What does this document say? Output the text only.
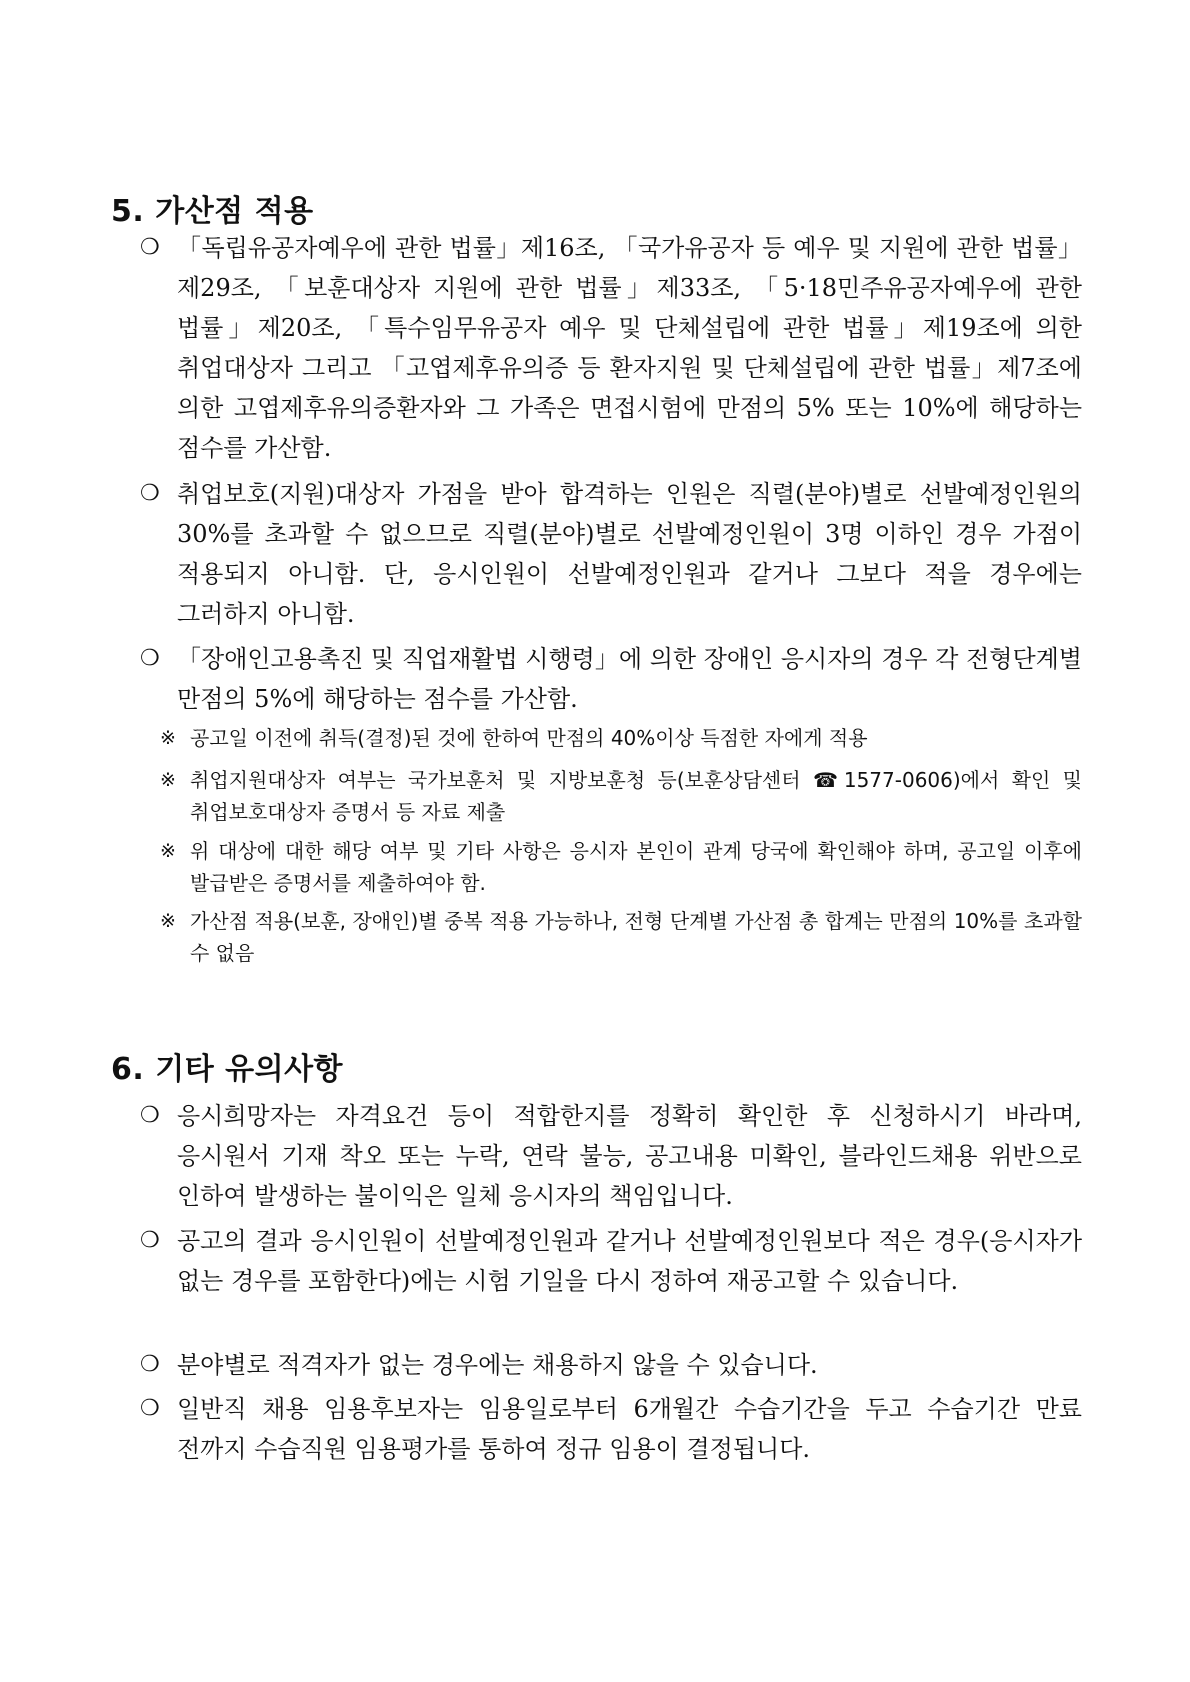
5. 가산점 적용
❍ 「독립유공자예우에 관한 법률」제16조, 「국가유공자 등 예우 및 지원에 관한 법률」제29조, 「보훈대상자 지원에 관한 법률」제33조, 「5·18민주유공자예우에 관한 법률」제20조, 「특수임무유공자 예우 및 단체설립에 관한 법률」제19조에 의한 취업대상자 그리고 「고엽제후유의증 등 환자지원 및 단체설립에 관한 법률」제7조에 의한 고엽제후유의증환자와 그 가족은 면접시험에 만점의 5% 또는 10%에 해당하는 점수를 가산함.

❍ 취업보호(지원)대상자 가점을 받아 합격하는 인원은 직렬(분야)별로 선발예정인원의 30%를 초과할 수 없으므로 직렬(분야)별로 선발예정인원이 3명 이하인 경우 가점이 적용되지 아니함. 단, 응시인원이 선발예정인원과 같거나 그보다 적을 경우에는 그러하지 아니함.

❍ 「장애인고용촉진 및 직업재활법 시행령」에 의한 장애인 응시자의 경우 각 전형단계별 만점의 5%에 해당하는 점수를 가산함.

※ 공고일 이전에 취득(결정)된 것에 한하여 만점의 40%이상 득점한 자에게 적용

※ 취업지원대상자 여부는 국가보훈처 및 지방보훈청 등(보훈상담센터 ☎1577-0606)에서 확인 및 취업보호대상자 증명서 등 자료 제출

※ 위 대상에 대한 해당 여부 및 기타 사항은 응시자 본인이 관계 당국에 확인해야 하며, 공고일 이후에 발급받은 증명서를 제출하여야 함.

※ 가산점 적용(보훈, 장애인)별 중복 적용 가능하나, 전형 단계별 가산점 총 합계는 만점의 10%를 초과할 수 없음

6. 기타 유의사항
❍ 응시희망자는 자격요건 등이 적합한지를 정확히 확인한 후 신청하시기 바라며, 응시원서 기재 착오 또는 누락, 연락 불능, 공고내용 미확인, 블라인드채용 위반으로 인하여 발생하는 불이익은 일체 응시자의 책임입니다.

❍ 공고의 결과 응시인원이 선발예정인원과 같거나 선발예정인원보다 적은 경우(응시자가 없는 경우를 포함한다)에는 시험 기일을 다시 정하여 재공고할 수 있습니다.

❍ 분야별로 적격자가 없는 경우에는 채용하지 않을 수 있습니다.

❍ 일반직 채용 임용후보자는 임용일로부터 6개월간 수습기간을 두고 수습기간 만료 전까지 수습직원 임용평가를 통하여 정규 임용이 결정됩니다.
